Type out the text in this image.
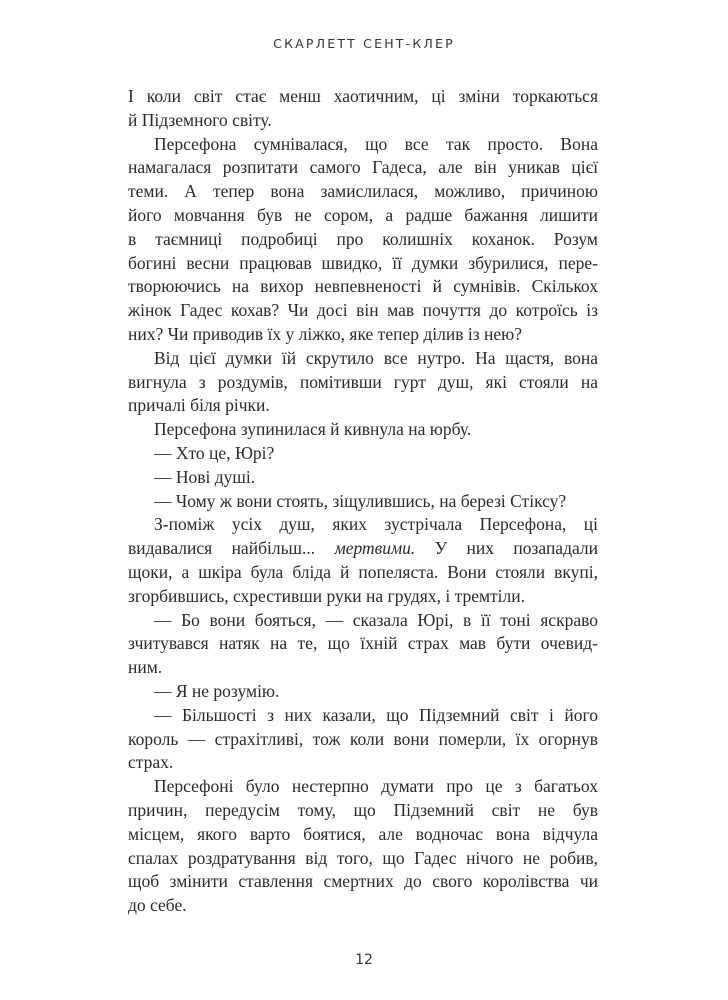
СКАРЛЕТТ СЕНТ-КЛЕР
І коли світ стає менш хаотичним, ці зміни торкаються
й Підземного світу.
Персефона сумнівалася, що все так просто. Вона
намагалася розпитати самого Гадеса, але він уникав цієї
теми. А тепер вона замислилася, можливо, причиною
його мовчання був не сором, а радше бажання лишити
в таємниці подробиці про колишніх коханок. Розум
богині весни працював швидко, її думки збурилися, пере-
творюючись на вихор невпевненості й сумнівів. Скількох
жінок Гадес кохав? Чи досі він мав почуття до котроїсь із
них? Чи приводив їх у ліжко, яке тепер ділив із нею?
Від цієї думки їй скрутило все нутро. На щастя, вона
вигнула з роздумів, помітивши гурт душ, які стояли на
причалі біля річки.
Персефона зупинилася й кивнула на юрбу.
— Хто це, Юрі?
— Нові душі.
— Чому ж вони стоять, зіщулившись, на березі Стіксу?
З-поміж усіх душ, яких зустрічала Персефона, ці
видавалися найбільш... мертвими. У них позападали
щоки, а шкіра була бліда й попеляста. Вони стояли вкупі,
згорбившись, схрестивши руки на грудях, і тремтіли.
— Бо вони бояться, — сказала Юрі, в її тоні яскраво
зчитувався натяк на те, що їхній страх мав бути очевид-
ним.
— Я не розумію.
— Більшості з них казали, що Підземний світ і його
король — страхітливі, тож коли вони померли, їх огорнув
страх.
Персефоні було нестерпно думати про це з багатьох
причин, передусім тому, що Підземний світ не був
місцем, якого варто боятися, але водночас вона відчула
спалах роздратування від того, що Гадес нічого не робив,
щоб змінити ставлення смертних до свого королівства чи
до себе.
12
